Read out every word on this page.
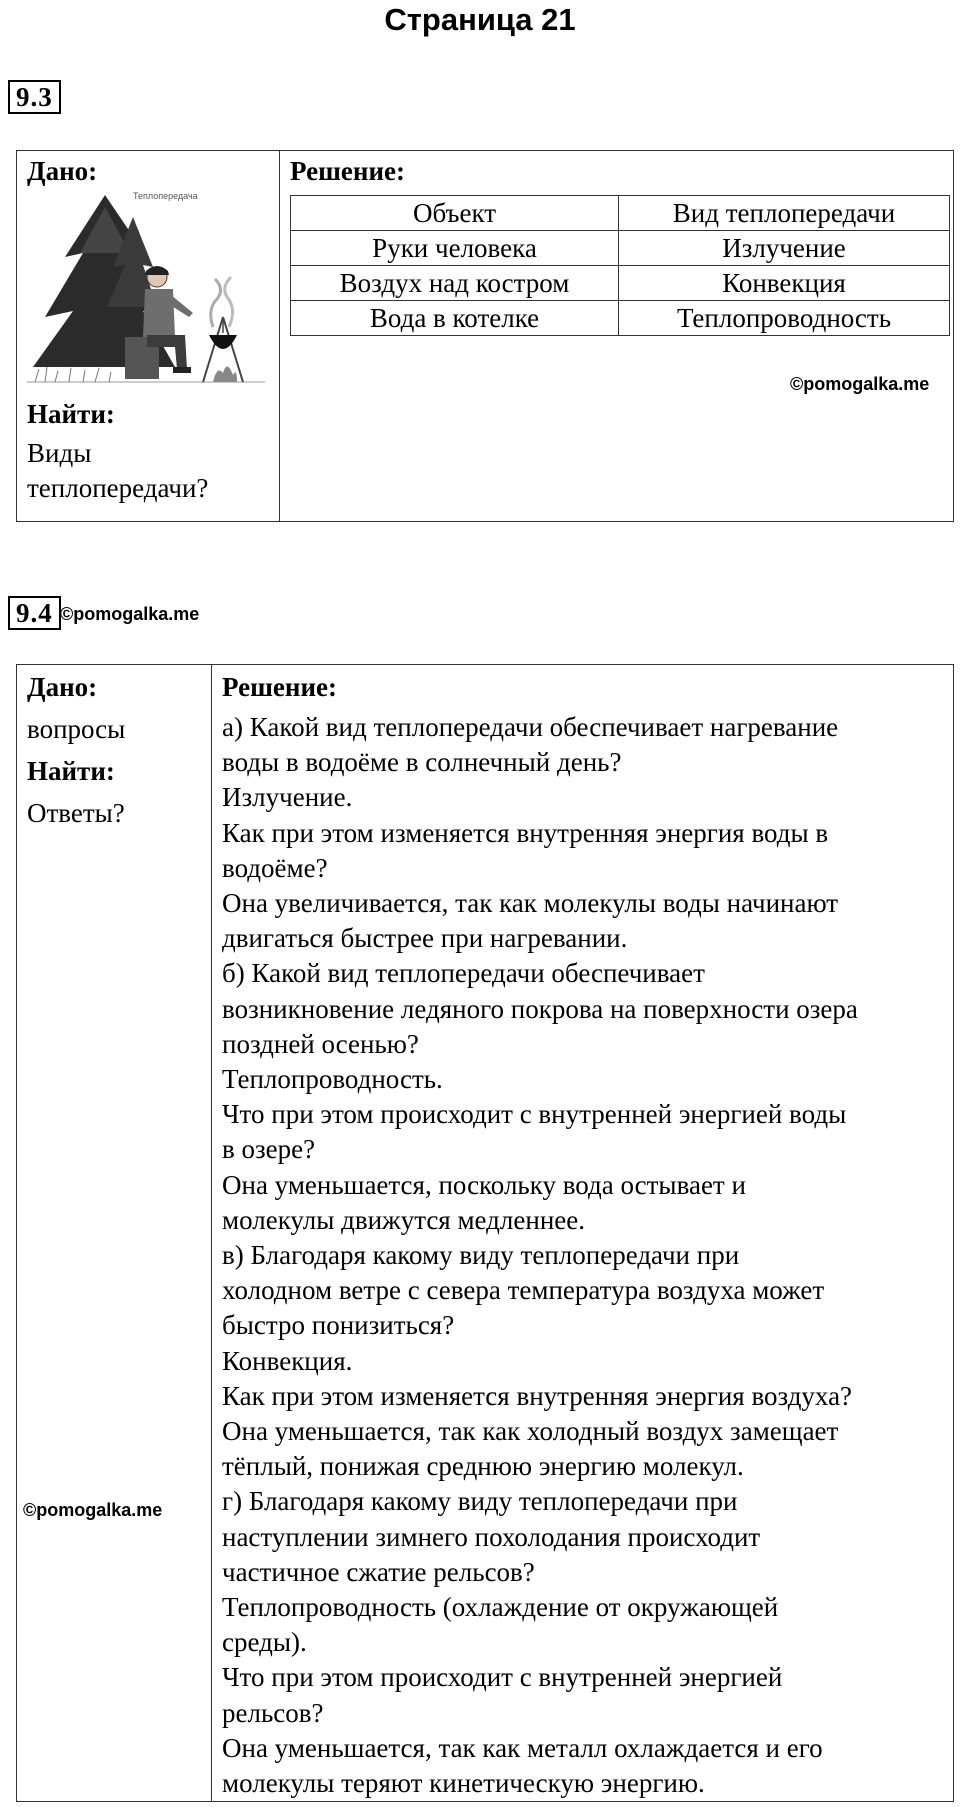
Страница 21
9.3
Дано:
Теплопередача
Найти:
Виды
теплопередачи?
Решение:
Объект	Вид теплопередачи
Руки человека	Излучение
Воздух над костром	Конвекция
Вода в котелке	Теплопроводность
©pomogalka.me
9.4 ©pomogalka.me
Дано:
вопросы
Найти:
Ответы?
©pomogalka.me
Решение:
а) Какой вид теплопередачи обеспечивает нагревание
воды в водоёме в солнечный день?
Излучение.
Как при этом изменяется внутренняя энергия воды в
водоёме?
Она увеличивается, так как молекулы воды начинают
двигаться быстрее при нагревании.
б) Какой вид теплопередачи обеспечивает
возникновение ледяного покрова на поверхности озера
поздней осенью?
Теплопроводность.
Что при этом происходит с внутренней энергией воды
в озере?
Она уменьшается, поскольку вода остывает и
молекулы движутся медленнее.
в) Благодаря какому виду теплопередачи при
холодном ветре с севера температура воздуха может
быстро понизиться?
Конвекция.
Как при этом изменяется внутренняя энергия воздуха?
Она уменьшается, так как холодный воздух замещает
тёплый, понижая среднюю энергию молекул.
г) Благодаря какому виду теплопередачи при
наступлении зимнего похолодания происходит
частичное сжатие рельсов?
Теплопроводность (охлаждение от окружающей
среды).
Что при этом происходит с внутренней энергией
рельсов?
Она уменьшается, так как металл охлаждается и его
молекулы теряют кинетическую энергию.
